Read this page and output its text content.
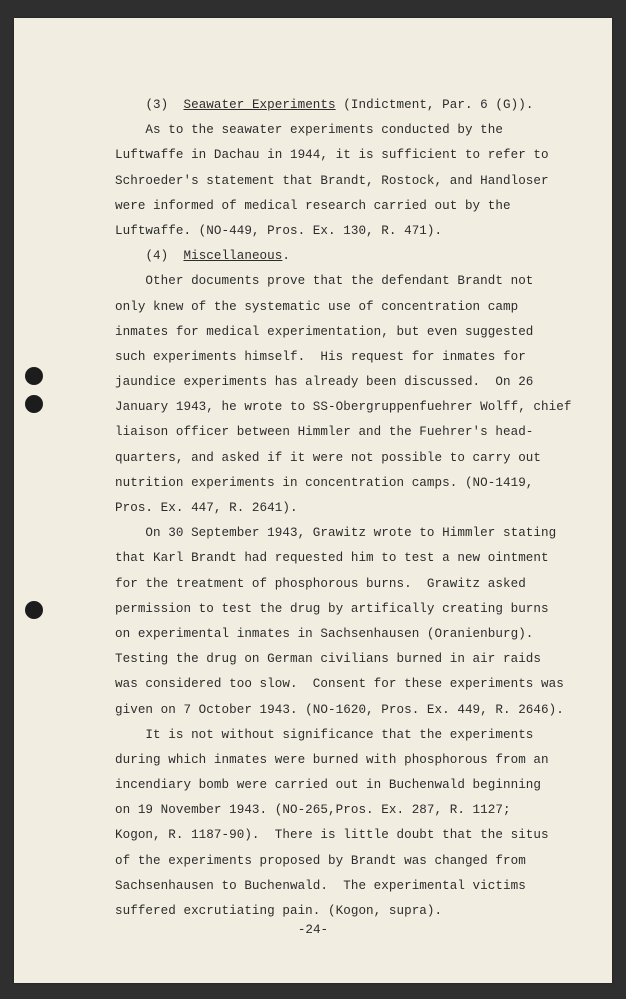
(3) Seawater Experiments (Indictment, Par. 6 (G)).
As to the seawater experiments conducted by the
Luftwaffe in Dachau in 1944, it is sufficient to refer to
Schroeder's statement that Brandt, Rostock, and Handloser
were informed of medical research carried out by the
Luftwaffe. (NO-449, Pros. Ex. 130, R. 471).
(4) Miscellaneous.
Other documents prove that the defendant Brandt not
only knew of the systematic use of concentration camp
inmates for medical experimentation, but even suggested
such experiments himself.  His request for inmates for
jaundice experiments has already been discussed.  On 26
January 1943, he wrote to SS-Obergruppenfuehrer Wolff, chief
liaison officer between Himmler and the Fuehrer's head-
quarters, and asked if it were not possible to carry out
nutrition experiments in concentration camps. (NO-1419,
Pros. Ex. 447, R. 2641).
On 30 September 1943, Grawitz wrote to Himmler stating
that Karl Brandt had requested him to test a new ointment
for the treatment of phosphorous burns.  Grawitz asked
permission to test the drug by artifically creating burns
on experimental inmates in Sachsenhausen (Oranienburg).
Testing the drug on German civilians burned in air raids
was considered too slow.  Consent for these experiments was
given on 7 October 1943. (NO-1620, Pros. Ex. 449, R. 2646).
It is not without significance that the experiments
during which inmates were burned with phosphorous from an
incendiary bomb were carried out in Buchenwald beginning
on 19 November 1943. (NO-265,Pros. Ex. 287, R. 1127;
Kogon, R. 1187-90).  There is little doubt that the situs
of the experiments proposed by Brandt was changed from
Sachsenhausen to Buchenwald.  The experimental victims
suffered excrutiating pain. (Kogon, supra).
-24-
